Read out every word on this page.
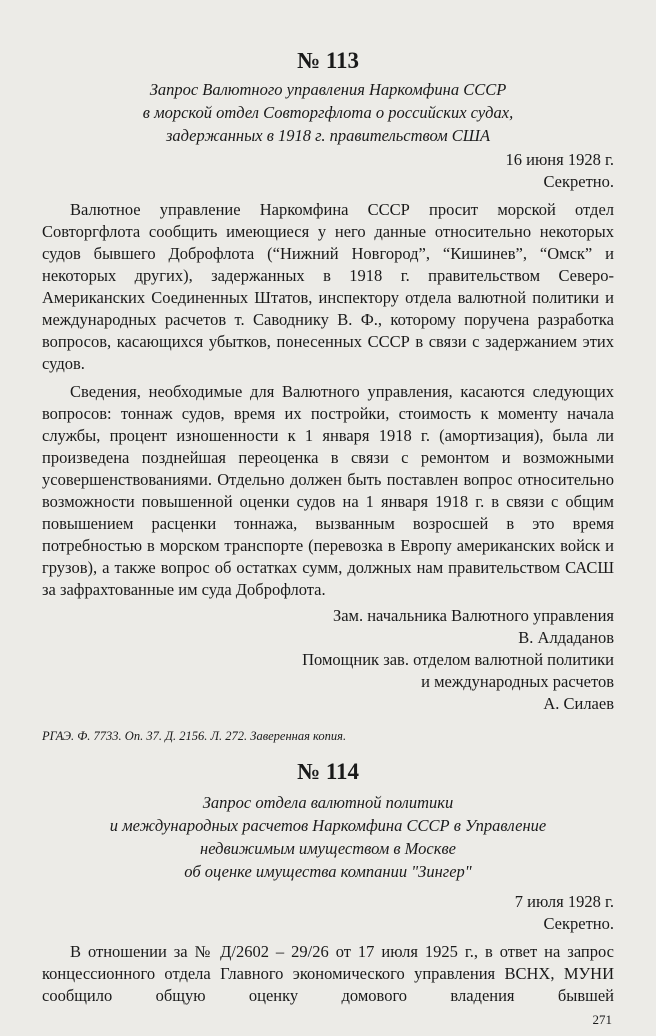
№ 113
Запрос Валютного управления Наркомфина СССР
в морской отдел Совторгфлота о российских судах,
задержанных в 1918 г. правительством США
16 июня 1928 г.
Секретно.

Валютное управление Наркомфина СССР просит морской отдел Совторгфлота сообщить имеющиеся у него данные относительно некоторых судов бывшего Доброфлота (“Нижний Новгород”, “Кишинев”, “Омск” и некоторых других), задержанных в 1918 г. правительством Северо-Американских Соединенных Штатов, инспектору отдела валютной политики и международных расчетов т. Саводнику В. Ф., которому поручена разработка вопросов, касающихся убытков, понесенных СССР в связи с задержанием этих судов.

Сведения, необходимые для Валютного управления, касаются следующих вопросов: тоннаж судов, время их постройки, стоимость к моменту начала службы, процент изношенности к 1 января 1918 г. (амортизация), была ли произведена позднейшая переоценка в связи с ремонтом и возможными усовершенствованиями. Отдельно должен быть поставлен вопрос относительно возможности повышенной оценки судов на 1 января 1918 г. в связи с общим повышением расценки тоннажа, вызванным возросшей в это время потребностью в морском транспорте (перевозка в Европу американских войск и грузов), а также вопрос об остатках сумм, должных нам правительством САСШ за зафрахтованные им суда Доброфлота.

Зам. начальника Валютного управления
В. Алдаданов
Помощник зав. отделом валютной политики
и международных расчетов
А. Силаев
РГАЭ. Ф. 7733. Оп. 37. Д. 2156. Л. 272. Заверенная копия.
№ 114
Запрос отдела валютной политики
и международных расчетов Наркомфина СССР в Управление
недвижимым имуществом в Москве
об оценке имущества компании "Зингер"
7 июля 1928 г.
Секретно.

В отношении за № Д/2602 – 29/26 от 17 июля 1925 г., в ответ на запрос концессионного отдела Главного экономического управления ВСНХ, МУНИ сообщило общую оценку домового владения бывшей

271
